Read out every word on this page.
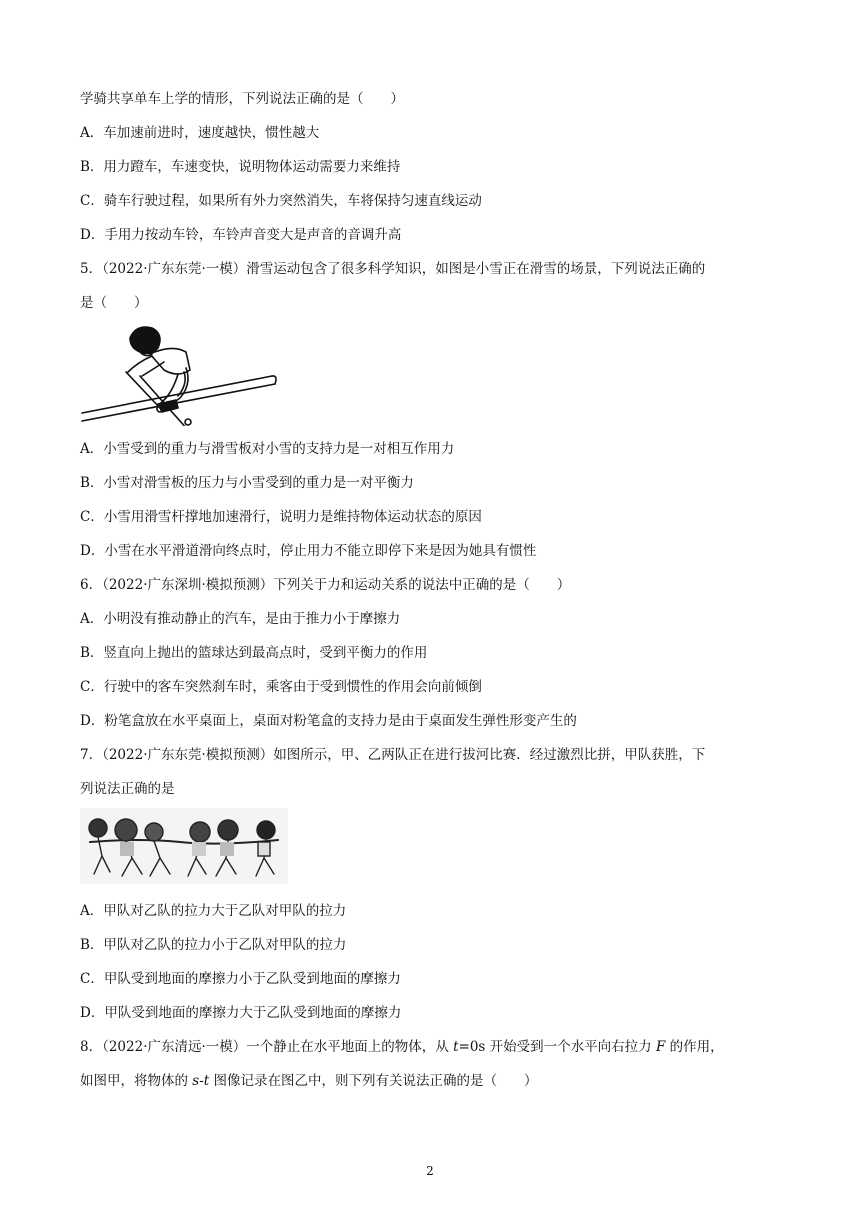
学骑共享单车上学的情形，下列说法正确的是（　　）
A．车加速前进时，速度越快，惯性越大
B．用力蹬车，车速变快，说明物体运动需要力来维持
C．骑车行驶过程，如果所有外力突然消失，车将保持匀速直线运动
D．手用力按动车铃，车铃声音变大是声音的音调升高
5．（2022·广东东莞·一模）滑雪运动包含了很多科学知识，如图是小雪正在滑雪的场景，下列说法正确的
是（　　）
A．小雪受到的重力与滑雪板对小雪的支持力是一对相互作用力
B．小雪对滑雪板的压力与小雪受到的重力是一对平衡力
C．小雪用滑雪杆撑地加速滑行，说明力是维持物体运动状态的原因
D．小雪在水平滑道滑向终点时，停止用力不能立即停下来是因为她具有惯性
6．（2022·广东深圳·模拟预测）下列关于力和运动关系的说法中正确的是（　　）
A．小明没有推动静止的汽车，是由于推力小于摩擦力
B．竖直向上抛出的篮球达到最高点时，受到平衡力的作用
C．行驶中的客车突然刹车时，乘客由于受到惯性的作用会向前倾倒
D．粉笔盒放在水平桌面上，桌面对粉笔盒的支持力是由于桌面发生弹性形变产生的
7．（2022·广东东莞·模拟预测）如图所示，甲、乙两队正在进行拔河比赛．经过激烈比拼，甲队获胜，下
列说法正确的是
A．甲队对乙队的拉力大于乙队对甲队的拉力
B．甲队对乙队的拉力小于乙队对甲队的拉力
C．甲队受到地面的摩擦力小于乙队受到地面的摩擦力
D．甲队受到地面的摩擦力大于乙队受到地面的摩擦力
8．（2022·广东清远·一模）一个静止在水平地面上的物体，从 t=0s 开始受到一个水平向右拉力 F 的作用，
如图甲，将物体的 s-t 图像记录在图乙中，则下列有关说法正确的是（　　）
2
